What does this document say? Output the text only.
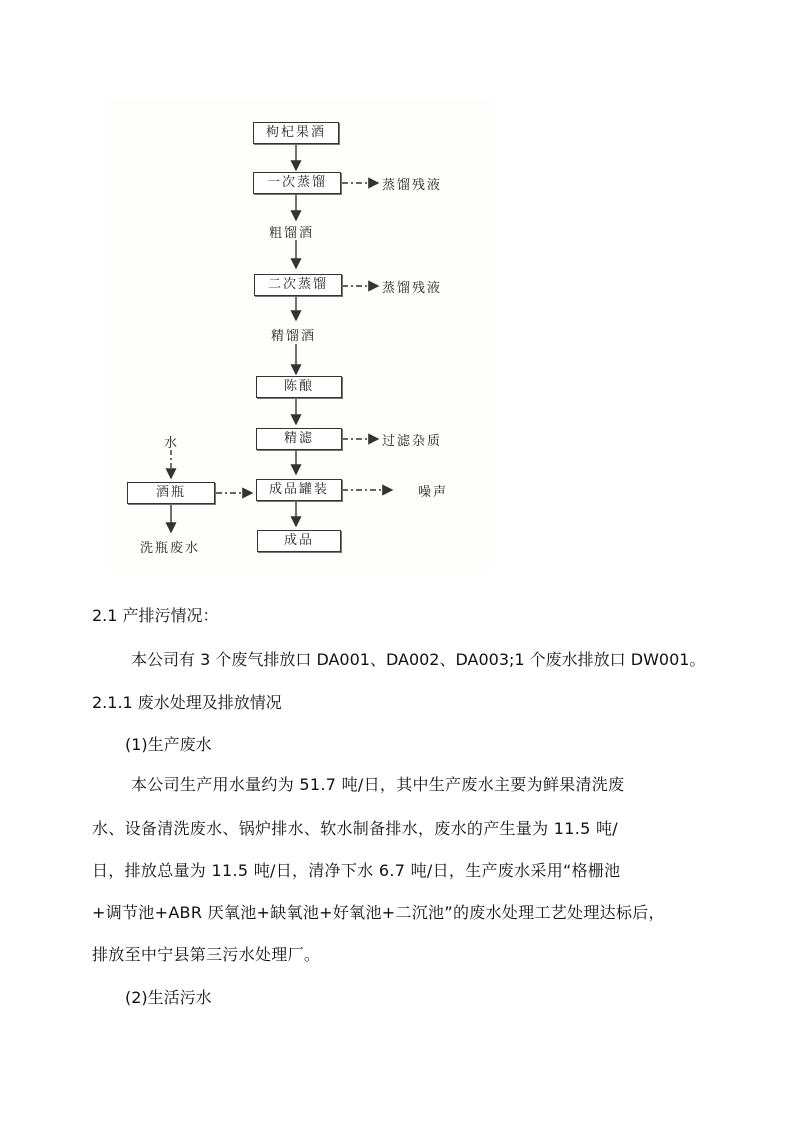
枸杞果酒
一次蒸馏
粗馏酒
二次蒸馏
精馏酒
陈酿
精滤
成品罐装
成品
酒瓶
蒸馏残液
蒸馏残液
过滤杂质
噪声
水
洗瓶废水
2.1 产排污情况：
本公司有 3 个废气排放口 DA001、DA002、DA003;1 个废水排放口 DW001。
2.1.1 废水处理及排放情况
(1)生产废水
本公司生产用水量约为 51.7 吨/日，其中生产废水主要为鲜果清洗废
水、设备清洗废水、锅炉排水、软水制备排水，废水的产生量为 11.5 吨/
日，排放总量为 11.5 吨/日，清净下水 6.7 吨/日，生产废水采用“格栅池
+调节池+ABR 厌氧池+缺氧池+好氧池+二沉池”的废水处理工艺处理达标后，
排放至中宁县第三污水处理厂。
(2)生活污水
